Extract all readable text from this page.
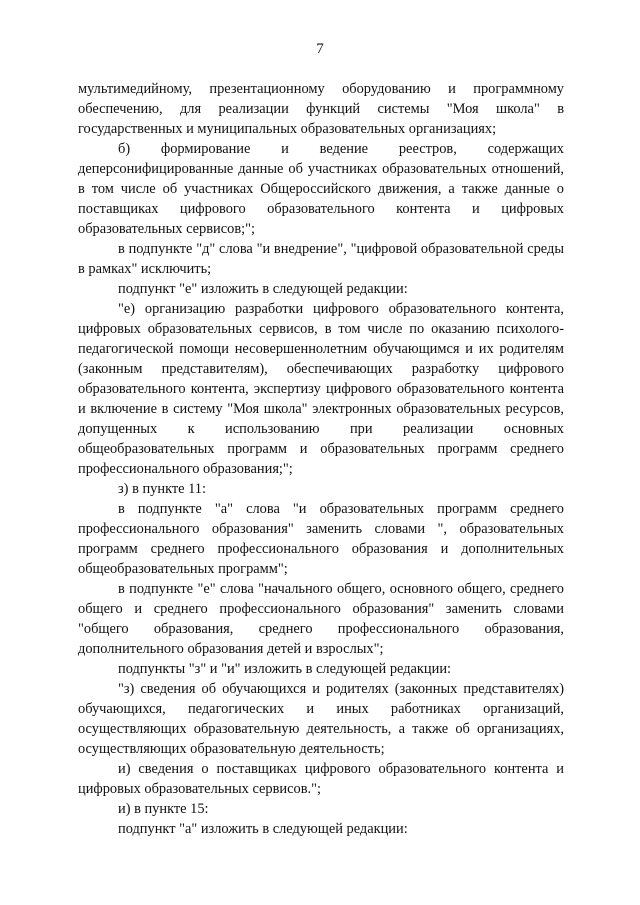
7

мультимедийному, презентационному оборудованию и программному обеспечению, для реализации функций системы "Моя школа" в государственных и муниципальных образовательных организациях;

б) формирование и ведение реестров, содержащих деперсонифицированные данные об участниках образовательных отношений, в том числе об участниках Общероссийского движения, а также данные о поставщиках цифрового образовательного контента и цифровых образовательных сервисов;";

в подпункте "д" слова "и внедрение", "цифровой образовательной среды в рамках" исключить;

подпункт "е" изложить в следующей редакции:

"е) организацию разработки цифрового образовательного контента, цифровых образовательных сервисов, в том числе по оказанию психолого-педагогической помощи несовершеннолетним обучающимся и их родителям (законным представителям), обеспечивающих разработку цифрового образовательного контента, экспертизу цифрового образовательного контента и включение в систему "Моя школа" электронных образовательных ресурсов, допущенных к использованию при реализации основных общеобразовательных программ и образовательных программ среднего профессионального образования;";

з) в пункте 11:

в подпункте "а" слова "и образовательных программ среднего профессионального образования" заменить словами ", образовательных программ среднего профессионального образования и дополнительных общеобразовательных программ";

в подпункте "е" слова "начального общего, основного общего, среднего общего и среднего профессионального образования" заменить словами "общего образования, среднего профессионального образования, дополнительного образования детей и взрослых";

подпункты "з" и "и" изложить в следующей редакции:

"з) сведения об обучающихся и родителях (законных представителях) обучающихся, педагогических и иных работниках организаций, осуществляющих образовательную деятельность, а также об организациях, осуществляющих образовательную деятельность;

и) сведения о поставщиках цифрового образовательного контента и цифровых образовательных сервисов.";

и) в пункте 15:

подпункт "а" изложить в следующей редакции:
